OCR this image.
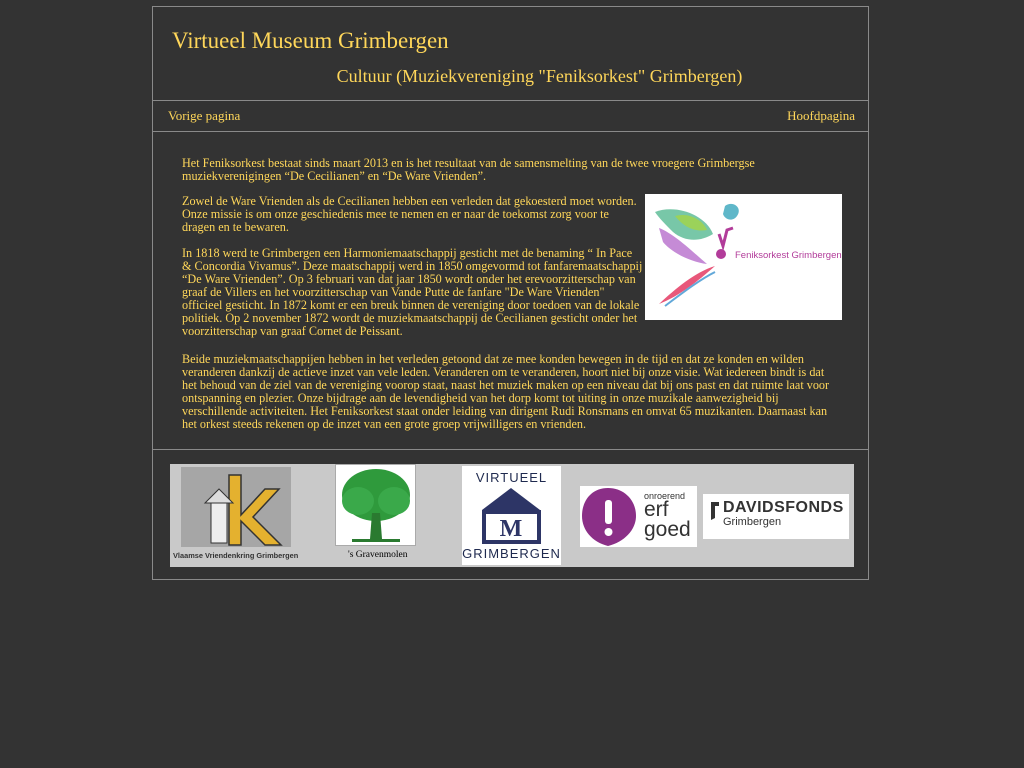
Virtueel Museum Grimbergen
Cultuur (Muziekvereniging "Feniksorkest" Grimbergen)
Vorige pagina	Hoofdpagina

Het Feniksorkest bestaat sinds maart 2013 en is het resultaat van de samensmelting van de twee vroegere Grimbergse muziekverenigingen “De Cecilianen” en “De Ware Vrienden”.

Zowel de Ware Vrienden als de Cecilianen hebben een verleden dat gekoesterd moet worden. Onze missie is om onze geschiedenis mee te nemen en er naar de toekomst zorg voor te dragen en te bewaren.

In 1818 werd te Grimbergen een Harmoniemaatschappij gesticht met de benaming “ In Pace & Concordia Vivamus”. Deze maatschappij werd in 1850 omgevormd tot fanfaremaatschappij “De Ware Vrienden”. Op 3 februari van dat jaar 1850 wordt onder het erevoorzitterschap van graaf de Villers en het voorzitterschap van Vande Putte de fanfare "De Ware Vrienden" officieel gesticht. In 1872 komt er een breuk binnen de vereniging door toedoen van de lokale politiek. Op 2 november 1872 wordt de muziekmaatschappij de Cecilianen gesticht onder het voorzitterschap van graaf Cornet de Peissant.

Beide muziekmaatschappijen hebben in het verleden getoond dat ze mee konden bewegen in de tijd en dat ze konden en wilden veranderen dankzij de actieve inzet van vele leden. Veranderen om te veranderen, hoort niet bij onze visie. Wat iedereen bindt is dat het behoud van de ziel van de vereniging voorop staat, naast het muziek maken op een niveau dat bij ons past en dat ruimte laat voor ontspanning en plezier. Onze bijdrage aan de levendigheid van het dorp komt tot uiting in onze muzikale aanwezigheid bij verschillende activiteiten. Het Feniksorkest staat onder leiding van dirigent Rudi Ronsmans en omvat 65 muzikanten. Daarnaast kan het orkest steeds rekenen op de inzet van een grote groep vrijwilligers en vrienden.

Feniksorkest Grimbergen
Vlaamse Vriendenkring Grimbergen	's Gravenmolen
VIRTUEEL
M
GRIMBERGEN
onroerend
erf
goed
DAVIDSFONDS
Grimbergen
